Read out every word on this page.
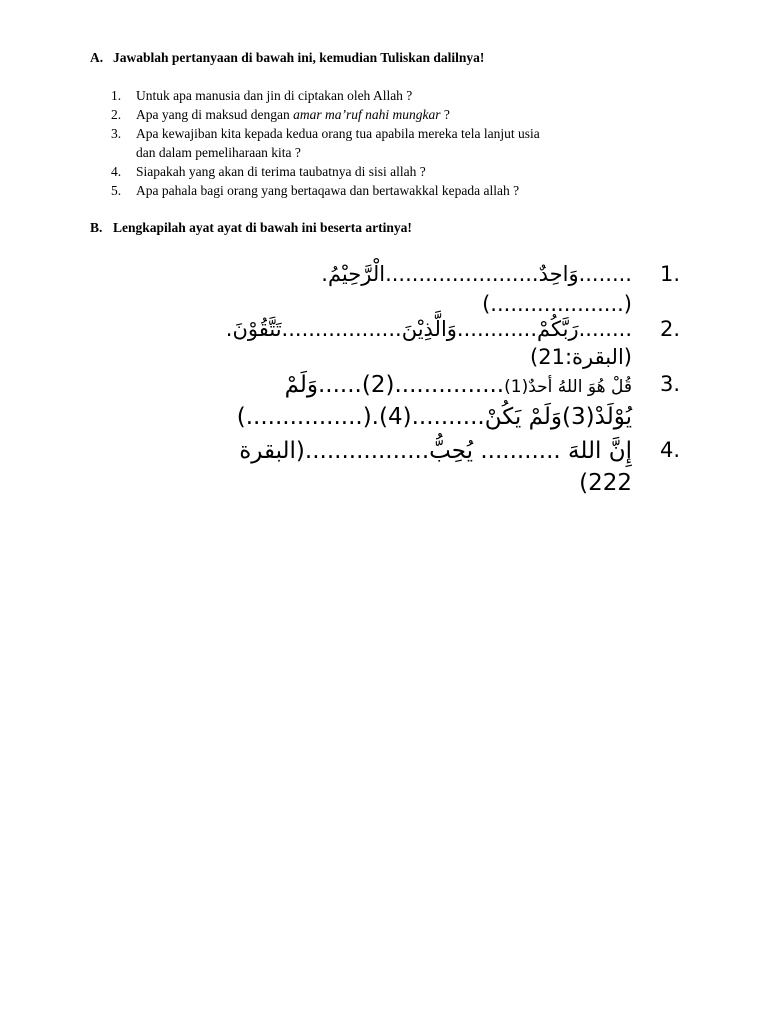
A. Jawablah pertanyaan di bawah ini, kemudian Tuliskan dalilnya!
1.	Untuk apa manusia dan jin di ciptakan oleh Allah ?
2.	Apa yang di maksud dengan amar ma’ruf nahi mungkar ?
3.	Apa kewajiban kita kepada kedua orang tua apabila mereka tela lanjut usia
dan dalam pemeliharaan kita ?
4.	Siapakah yang akan di terima taubatnya di sisi allah ?
5.	Apa pahala bagi orang yang bertaqawa dan bertawakkal kepada allah ?
B. Lengkapilah ayat ayat di bawah ini beserta artinya!
1.
........وَاحِدٌ.......................الْرَّحِيْمُ.
(....................)
2.
........رَبَّكُمْ............وَالَّذِيْنَ..................تَتَّقُوْنَ.
(البقرة:21)
3.
قُلْ هُوَ اللهُ أحدٌ(1)...............(2)......وَلَمْ
يُوْلَدْ(3)وَلَمْ يَكُنْ..........(4).(................)
4.
إِنَّ اللهَ ........... يُحِبُّ.................(البقرة
222)
